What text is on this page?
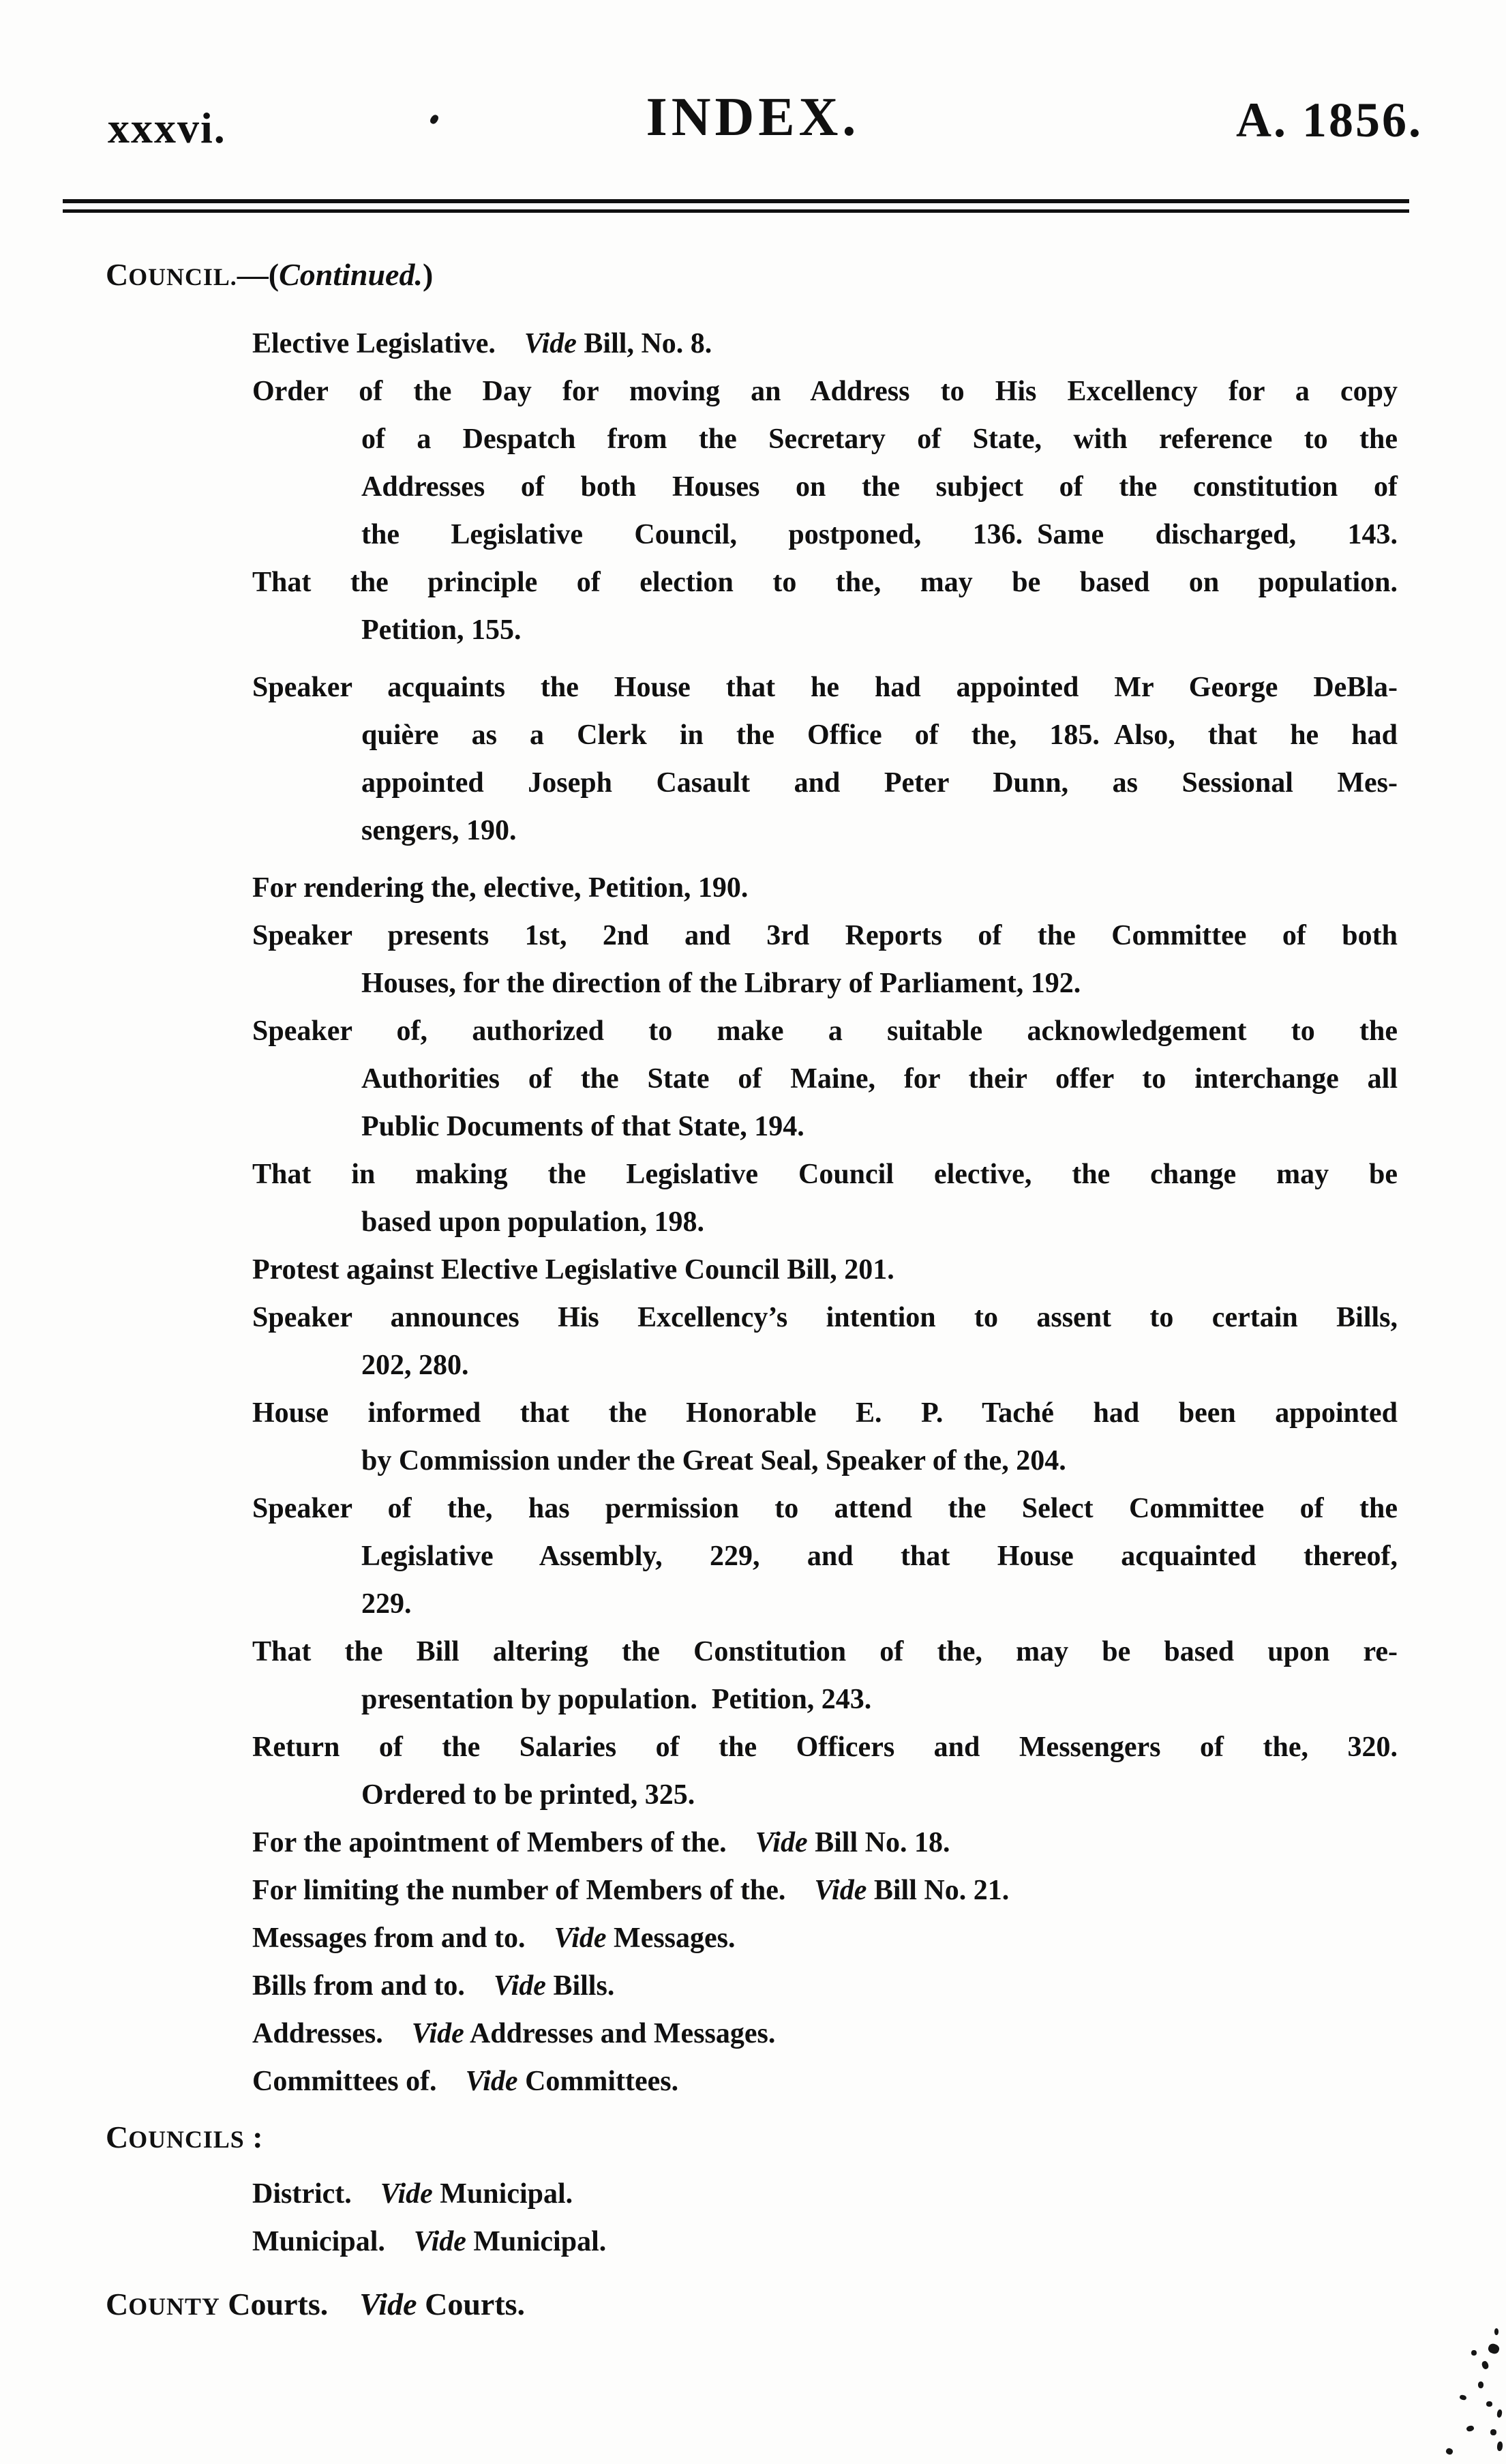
xxxvi.	INDEX.	A. 1856.
COUNCIL.—(Continued.)

Elective Legislative.  Vide Bill, No. 8.

Order of the Day for moving an Address to His Excellency for a copy
of a Despatch from the Secretary of State, with reference to the
Addresses of both Houses on the subject of the constitution of
the Legislative Council, postponed, 136. Same discharged, 143.

That the principle of election to the, may be based on population.
Petition, 155.

Speaker acquaints the House that he had appointed Mr George DeBla-
quière as a Clerk in the Office of the, 185. Also, that he had
appointed Joseph Casault and Peter Dunn, as Sessional Mes-
sengers, 190.

For rendering the, elective, Petition, 190.

Speaker presents 1st, 2nd and 3rd Reports of the Committee of both
Houses, for the direction of the Library of Parliament, 192.

Speaker of, authorized to make a suitable acknowledgement to the
Authorities of the State of Maine, for their offer to interchange all
Public Documents of that State, 194.

That in making the Legislative Council elective, the change may be
based upon population, 198.

Protest against Elective Legislative Council Bill, 201.

Speaker announces His Excellency’s intention to assent to certain Bills,
202, 280.

House informed that the Honorable E. P. Taché had been appointed
by Commission under the Great Seal, Speaker of the, 204.

Speaker of the, has permission to attend the Select Committee of the
Legislative Assembly, 229, and that House acquainted thereof,
229.

That the Bill altering the Constitution of the, may be based upon re-
presentation by population. Petition, 243.

Return of the Salaries of the Officers and Messengers of the, 320.
Ordered to be printed, 325.

For the apointment of Members of the.  Vide Bill No. 18.

For limiting the number of Members of the.  Vide Bill No. 21.

Messages from and to.  Vide Messages.

Bills from and to.  Vide Bills.

Addresses.  Vide Addresses and Messages.

Committees of.  Vide Committees.

COUNCILS :

District.  Vide Municipal.

Municipal.  Vide Municipal.

COUNTY Courts.  Vide Courts.
